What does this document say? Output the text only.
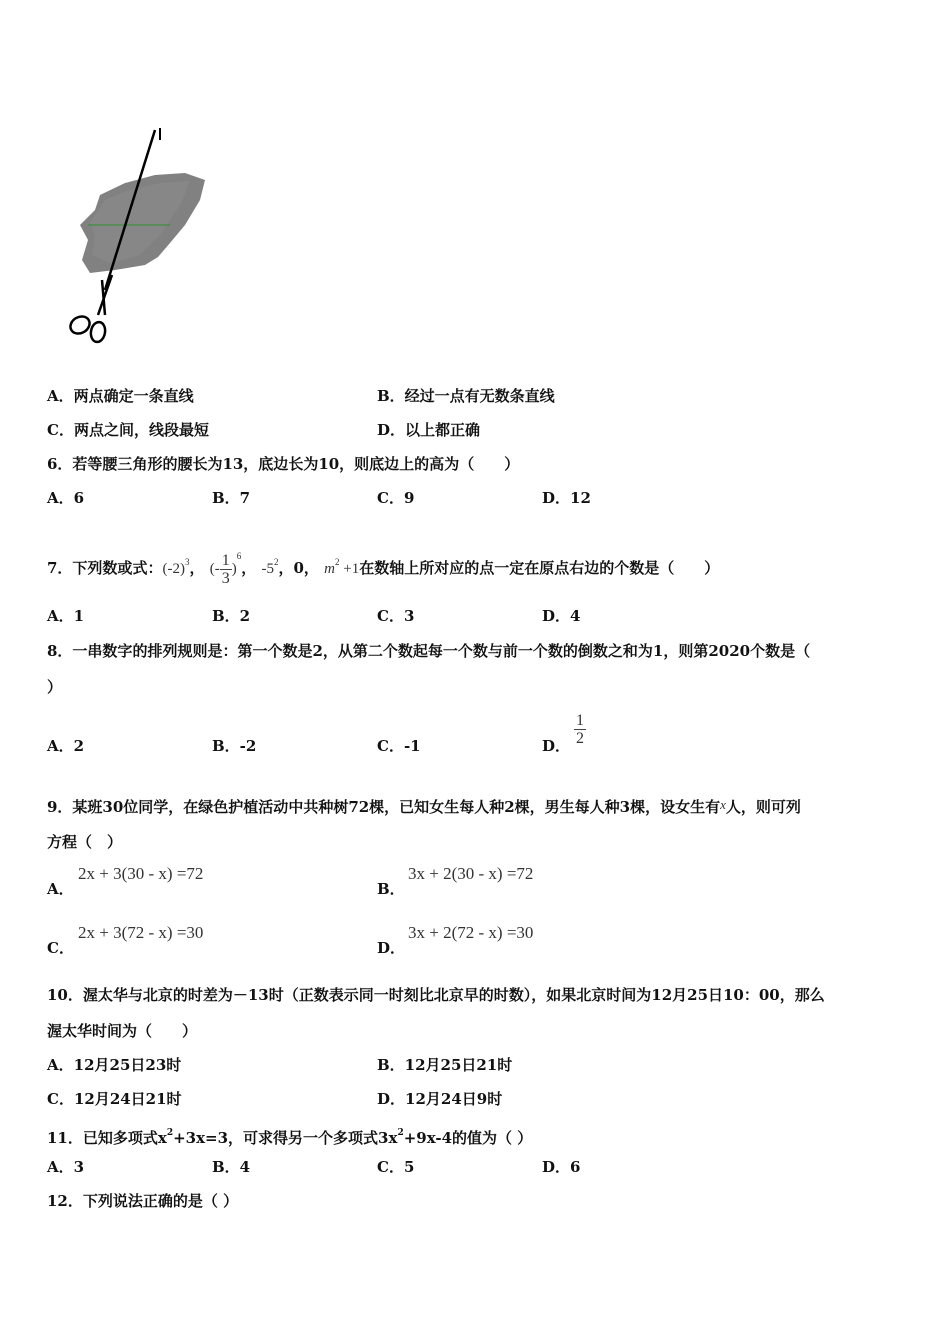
A．两点确定一条直线	B．经过一点有无数条直线
C．两点之间，线段最短	D．以上都正确
6．若等腰三角形的腰长为13，底边长为10，则底边上的高为（　　）
A．6	B．7	C．9	D．12
7．下列数或式：$(-2)^3$， (- $\frac{1}{3} )^6$， $-5^2$，0， $m^2 +1$在数轴上所对应的点一定在原点右边的个数是（　　）
A．1	B．2	C．3	D．4
8．一串数字的排列规则是：第一个数是2，从第二个数起每一个数与前一个数的倒数之和为1，则第2020个数是（
）
A．2	B．-2	C．-1	D． $\frac{1}{2}$
9．某班30位同学，在绿色护植活动中共种树72棵，已知女生每人种2棵，男生每人种3棵，设女生有x人，则可列
方程（　）
A．
2x + 3(30 - x) =72
B．
3x + 2(30 - x) =72
C．
2x + 3(72 - x) =30
D．
3x + 2(72 - x) =30
10．渥太华与北京的时差为－13时（正数表示同一时刻比北京早的时数），如果北京时间为12月25日10：00，那么
渥太华时间为（　　）
A．12月25日23时	B．12月25日21时
C．12月24日21时	D．12月24日9时
11．已知多项式$x^2+3x=3$，可求得另一个多项式$3x^2+9x-4$的值为（ ）
A．3	B．4	C．5	D．6
12．下列说法正确的是（ ）
